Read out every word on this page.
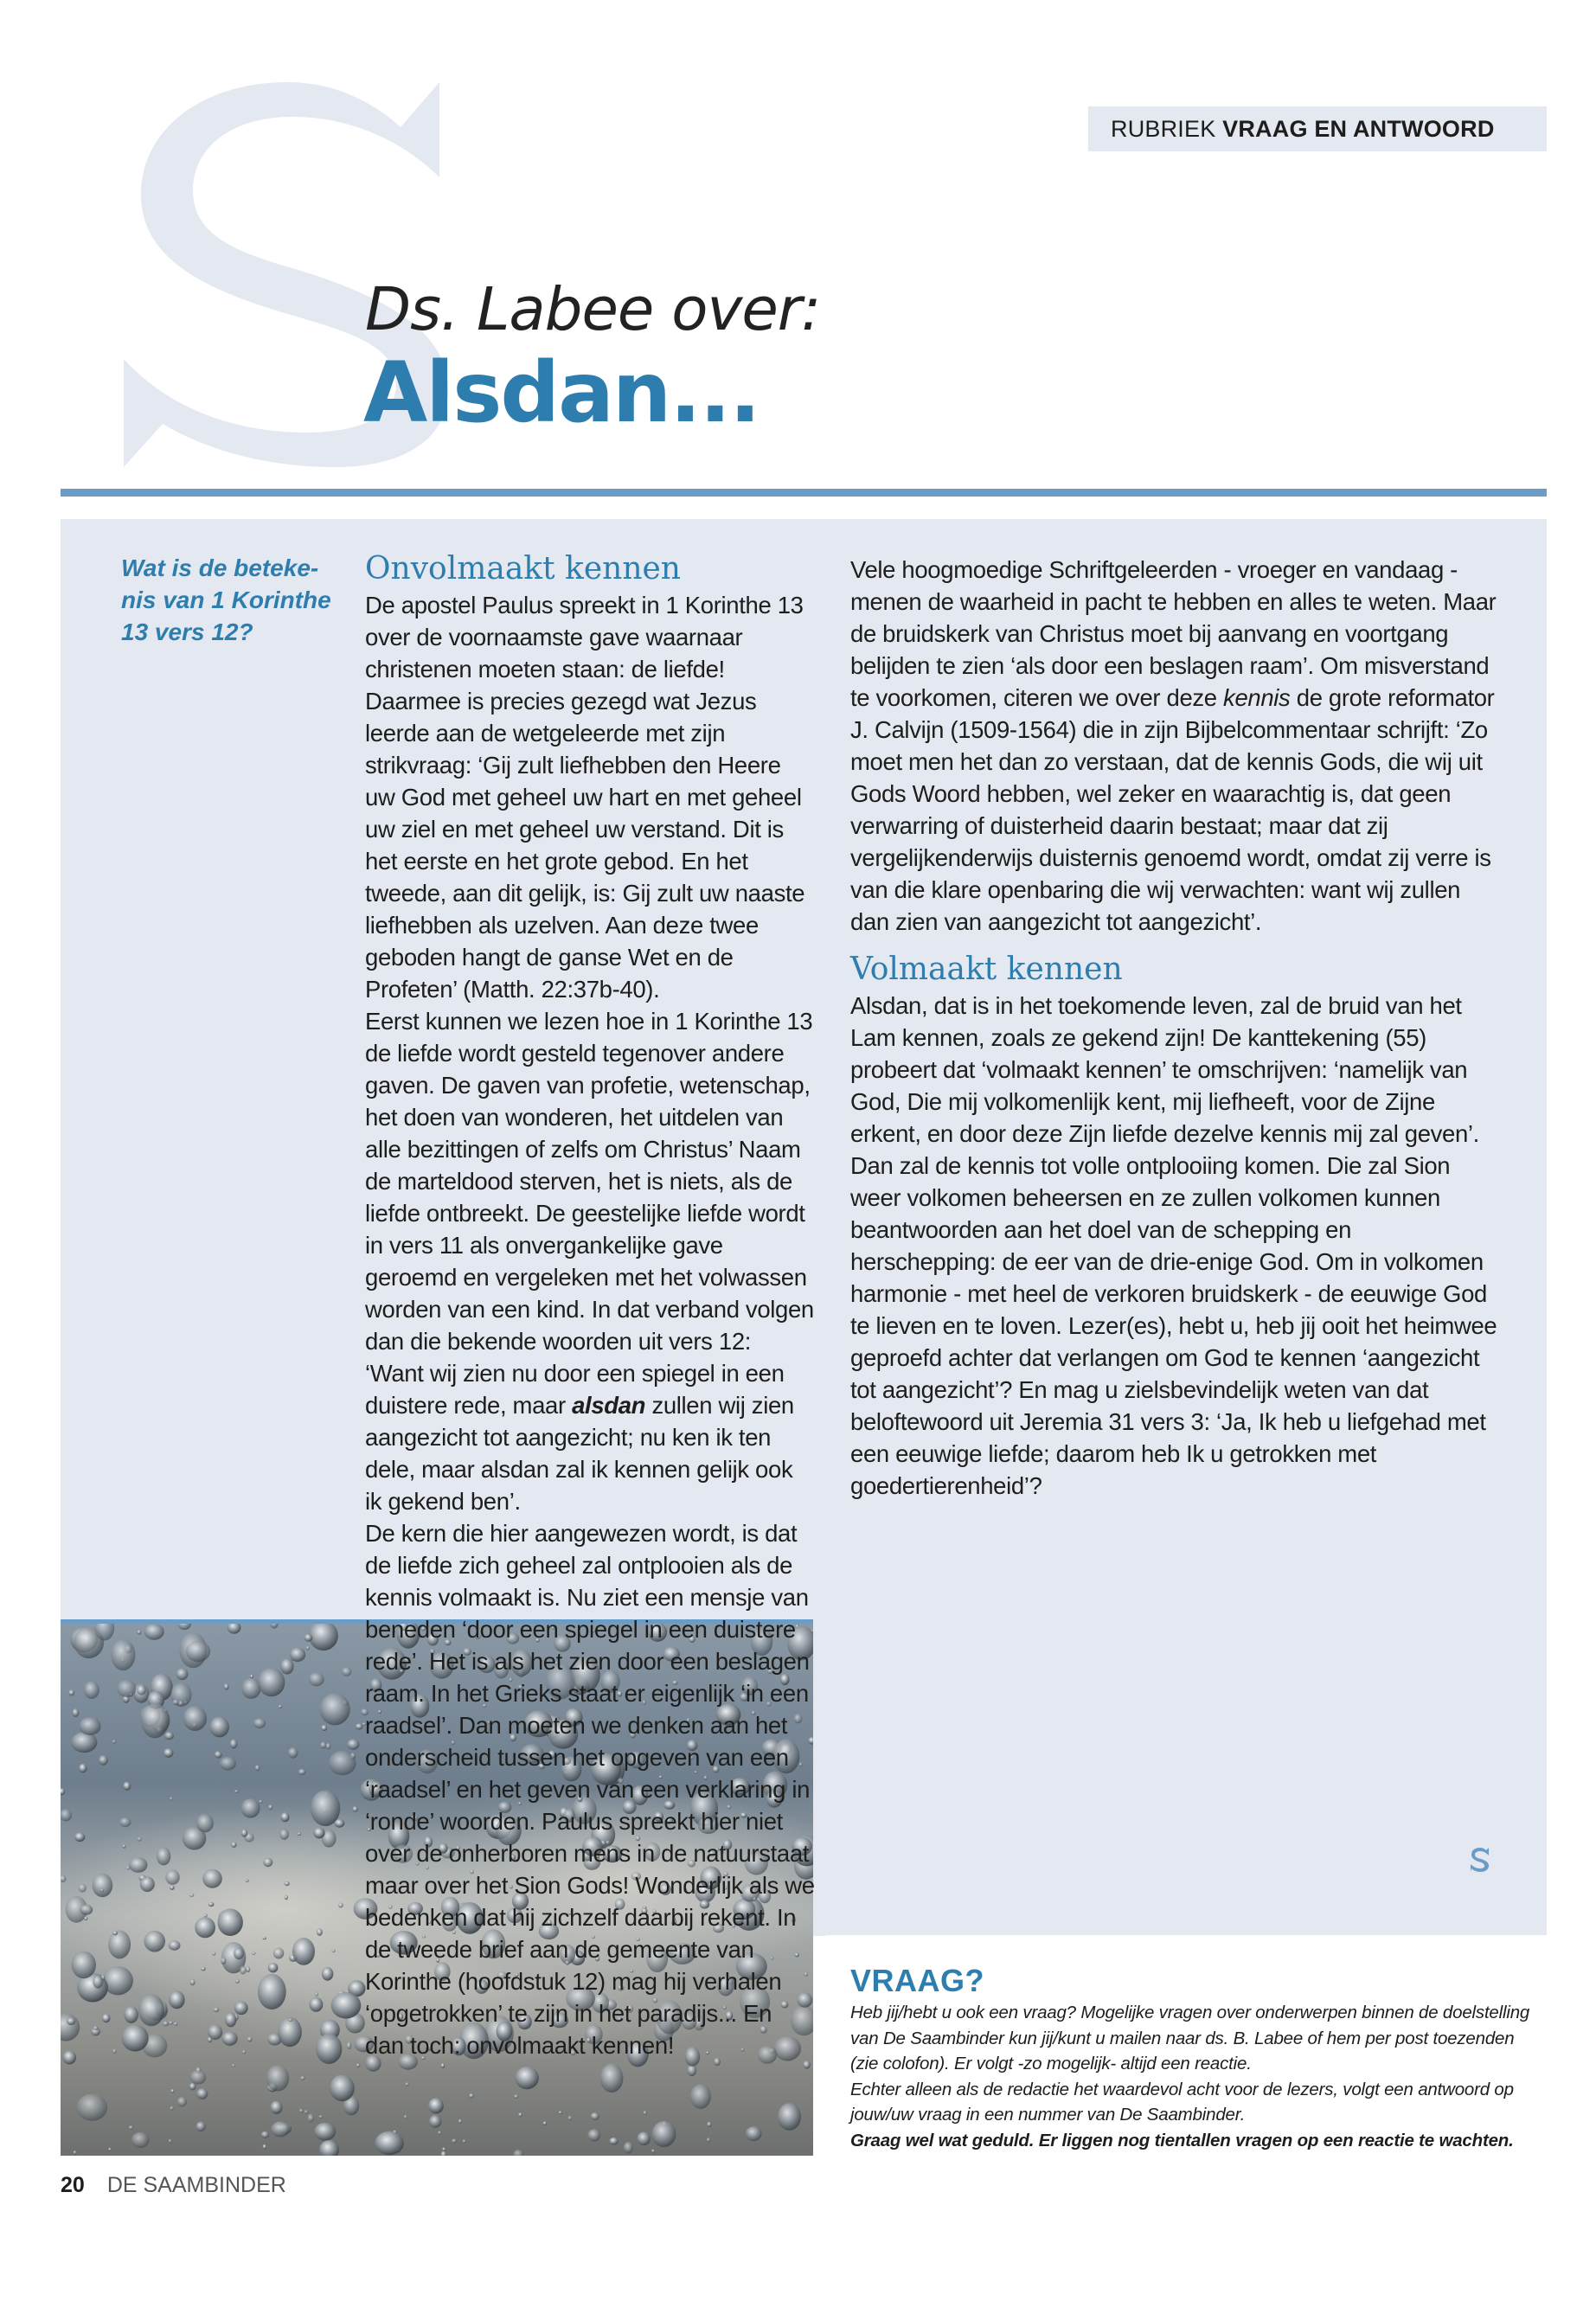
RUBRIEK VRAAG EN ANTWOORD
Ds. Labee over:
Alsdan...
Wat is de beteke-nis van 1 Korinthe 13 vers 12?
Onvolmaakt kennen

De apostel Paulus spreekt in 1 Korinthe 13 over de voornaamste gave waarnaar christenen moeten staan: de liefde! Daarmee is precies gezegd wat Jezus leerde aan de wetgeleerde met zijn strikvraag: ‘Gij zult liefhebben den Heere uw God met geheel uw hart en met geheel uw ziel en met geheel uw verstand. Dit is het eerste en het grote gebod. En het tweede, aan dit gelijk, is: Gij zult uw naaste liefhebben als uzelven. Aan deze twee geboden hangt de ganse Wet en de Profeten’ (Matth. 22:37b-40).

Eerst kunnen we lezen hoe in 1 Korinthe 13 de liefde wordt gesteld tegenover andere gaven. De gaven van profetie, wetenschap, het doen van wonderen, het uitdelen van alle bezittingen of zelfs om Christus’ Naam de marteldood sterven, het is niets, als de liefde ontbreekt. De geestelijke liefde wordt in vers 11 als onvergankelijke gave geroemd en vergeleken met het volwassen worden van een kind. In dat verband volgen dan die bekende woorden uit vers 12: ‘Want wij zien nu door een spiegel in een duistere rede, maar alsdan zullen wij zien aangezicht tot aangezicht; nu ken ik ten dele, maar alsdan zal ik kennen gelijk ook ik gekend ben’.

De kern die hier aangewezen wordt, is dat de liefde zich geheel zal ontplooien als de kennis volmaakt is. Nu ziet een mensje van beneden ‘door een spiegel in een duistere rede’. Het is als het zien door een beslagen raam. In het Grieks staat er eigenlijk ‘in een raadsel’. Dan moeten we denken aan het onderscheid tussen het opgeven van een ‘raadsel’ en het geven van een verklaring in ‘ronde’ woorden. Paulus spreekt hier niet over de onherboren mens in de natuurstaat maar over het Sion Gods! Wonderlijk als we bedenken dat hij zichzelf daarbij rekent. In de tweede brief aan de gemeente van Korinthe (hoofdstuk 12) mag hij verhalen ‘opgetrokken’ te zijn in het paradijs... En dan toch: onvolmaakt kennen!

Vele hoogmoedige Schriftgeleerden - vroeger en vandaag - menen de waarheid in pacht te hebben en alles te weten. Maar de bruidskerk van Christus moet bij aanvang en voortgang belijden te zien ‘als door een beslagen raam’. Om misverstand te voorkomen, citeren we over deze kennis de grote reformator J. Calvijn (1509-1564) die in zijn Bijbelcommentaar schrijft: ‘Zo moet men het dan zo verstaan, dat de kennis Gods, die wij uit Gods Woord hebben, wel zeker en waarachtig is, dat geen verwarring of duisterheid daarin bestaat; maar dat zij vergelijkenderwijs duisternis genoemd wordt, omdat zij verre is van die klare openbaring die wij verwachten: want wij zullen dan zien van aangezicht tot aangezicht’.

Volmaakt kennen

Alsdan, dat is in het toekomende leven, zal de bruid van het Lam kennen, zoals ze gekend zijn! De kanttekening (55) probeert dat ‘volmaakt kennen’ te omschrijven: ‘namelijk van God, Die mij volkomenlijk kent, mij liefheeft, voor de Zijne erkent, en door deze Zijn liefde dezelve kennis mij zal geven’. Dan zal de kennis tot volle ontplooiing komen. Die zal Sion weer volkomen beheersen en ze zullen volkomen kunnen beantwoorden aan het doel van de schepping en herschepping: de eer van de drie-enige God. Om in volkomen harmonie - met heel de verkoren bruidskerk - de eeuwige God te lieven en te loven. Lezer(es), hebt u, heb jij ooit het heimwee geproefd achter dat verlangen om God te kennen ‘aangezicht tot aangezicht’? En mag u zielsbevindelijk weten van dat beloftewoord uit Jeremia 31 vers 3: ‘Ja, Ik heb u liefgehad met een eeuwige liefde; daarom heb Ik u getrokken met goedertierenheid’?

VRAAG?

Heb jij/hebt u ook een vraag? Mogelijke vragen over onderwerpen binnen de doelstelling van De Saambinder kun jij/kunt u mailen naar ds. B. Labee of hem per post toezenden (zie colofon). Er volgt -zo mogelijk- altijd een reactie.

Echter alleen als de redactie het waardevol acht voor de lezers, volgt een antwoord op jouw/uw vraag in een nummer van De Saambinder.

Graag wel wat geduld. Er liggen nog tientallen vragen op een reactie te wachten.

20 DE SAAMBINDER
